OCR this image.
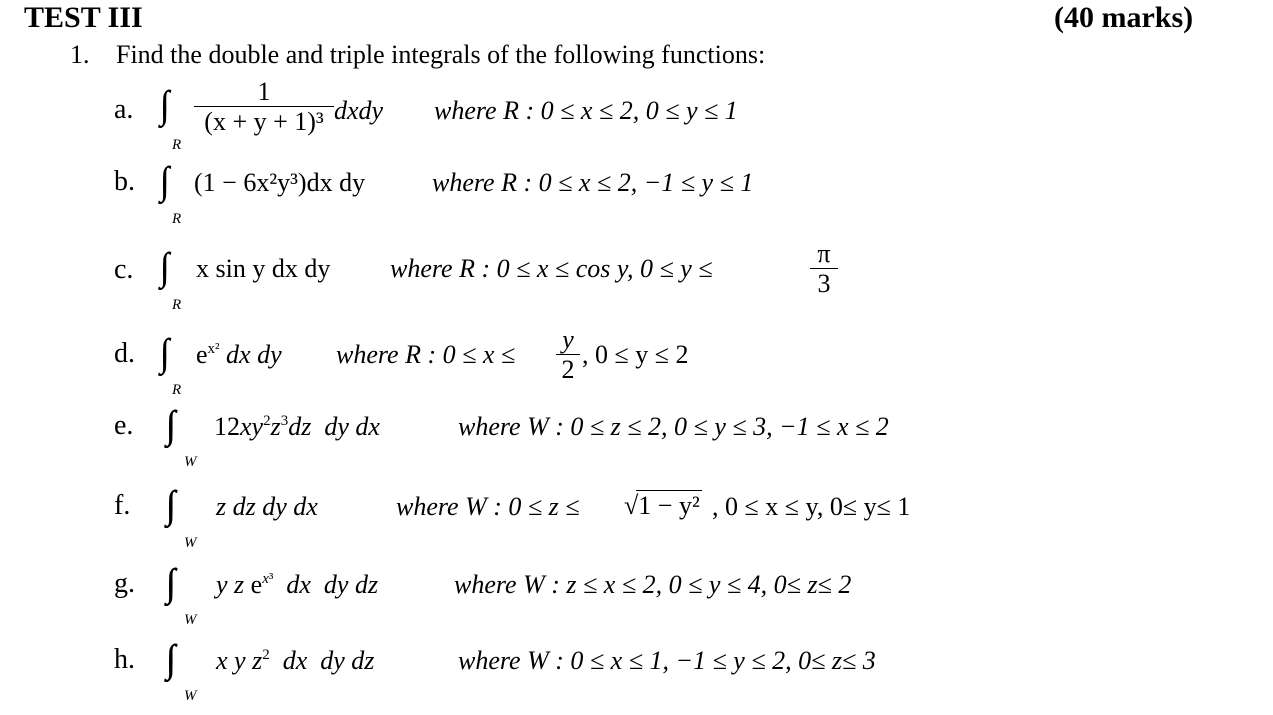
TEST III	(40 marks)
1. Find the double and triple integrals of the following functions:
a. ∫∫
R
1
(x + y + 1)³ dxdy where R : 0 ≤ x ≤ 2, 0 ≤ y ≤ 1
b. ∫∫
R
(1 − 6x²y³)dx dy	where R : 0 ≤ x ≤ 2, −1 ≤ y ≤ 1
c. ∫∫
R
x sin y dx dy where R : 0 ≤ x ≤ cos y, 0 ≤ y ≤
π
3
d. ∫∫
R
$e^{x^2}$ dx dy where R : 0 ≤ x ≤
y
2
, 0 ≤ y ≤ 2
e. ∫∫∫
W
$12xy^2z^3dz$  dy dx	where W : 0 ≤ z ≤ 2, 0 ≤ y ≤ 3, −1 ≤ x ≤ 2
f. ∫∫∫
W
z dz dy dx	where W : 0 ≤ z ≤ √1 − y² , 0 ≤ x ≤ y, 0≤ y≤ 1
g. ∫∫∫
W
y z $e^{x^3}$ dx  dy dz	where W : z ≤ x ≤ 2, 0 ≤ y ≤ 4, 0≤ z≤ 2
h. ∫∫∫
W
x y $z^2$ dx  dy dz	where W : 0 ≤ x ≤ 1, −1 ≤ y ≤ 2, 0≤ z≤ 3
